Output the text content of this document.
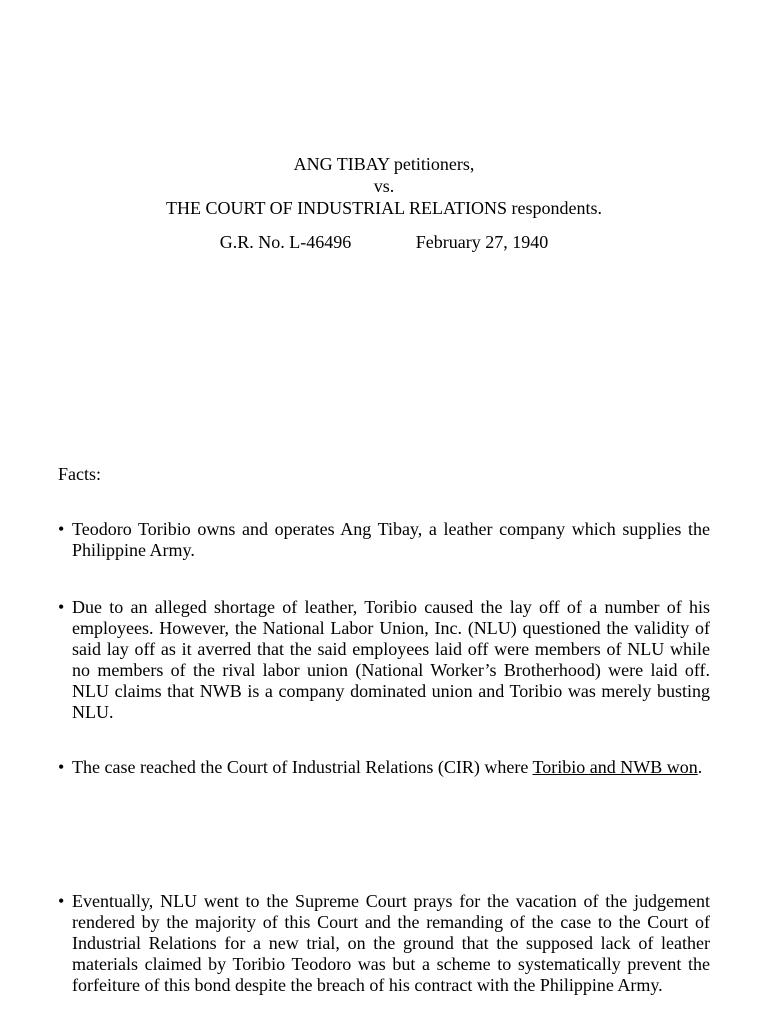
ANG TIBAY petitioners,
vs.
THE COURT OF INDUSTRIAL RELATIONS respondents.
G.R. No. L-46496	February 27, 1940
Facts:
• Teodoro Toribio owns and operates Ang Tibay, a leather company which supplies the Philippine Army.
• Due to an alleged shortage of leather, Toribio caused the lay off of a number of his employees. However, the National Labor Union, Inc. (NLU) questioned the validity of said lay off as it averred that the said employees laid off were members of NLU while no members of the rival labor union (National Worker’s Brotherhood) were laid off. NLU claims that NWB is a company dominated union and Toribio was merely busting NLU.
• The case reached the Court of Industrial Relations (CIR) where Toribio and NWB won.
• Eventually, NLU went to the Supreme Court prays for the vacation of the judgement rendered by the majority of this Court and the remanding of the case to the Court of Industrial Relations for a new trial, on the ground that the supposed lack of leather materials claimed by Toribio Teodoro was but a scheme to systematically prevent the forfeiture of this bond despite the breach of his contract with the Philippine Army.
